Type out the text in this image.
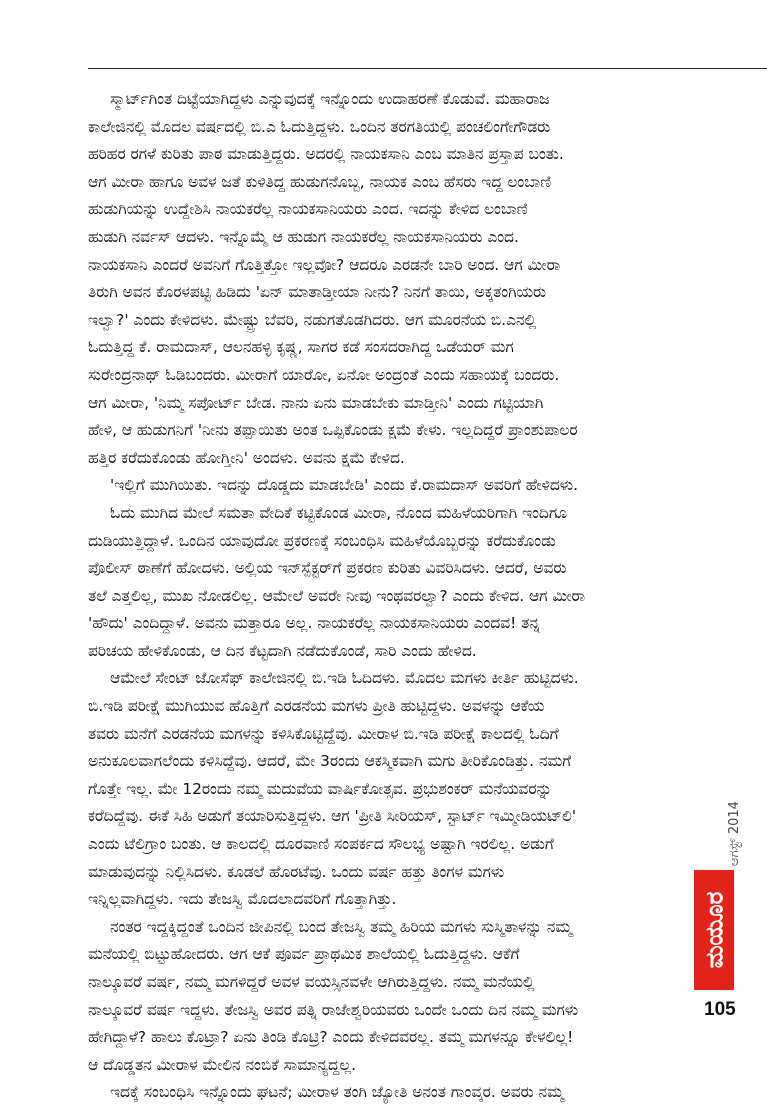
ಸ್ಮಾರ್ಟ್‌ಗಿಂತ ದಿಟ್ಟೆಯಾಗಿದ್ದಳು ಎನ್ನುವುದಕ್ಕೆ ಇನ್ನೊಂದು ಉದಾಹರಣೆ ಕೊಡುವೆ. ಮಹಾರಾಜ
ಕಾಲೇಜಿನಲ್ಲಿ ಮೊದಲ ವರ್ಷದಲ್ಲಿ ಬಿ.ಎ ಓದುತ್ತಿದ್ದಳು. ಒಂದಿನ ತರಗತಿಯಲ್ಲಿ ಪಂಚಲಿಂಗೇಗೌಡರು
ಹರಿಹರ ರಗಳೆ ಕುರಿತು ಪಾಠ ಮಾಡುತ್ತಿದ್ದರು. ಅದರಲ್ಲಿ ನಾಯಕಸಾನಿ ಎಂಬ ಮಾತಿನ ಪ್ರಸ್ತಾಪ ಬಂತು.
ಆಗ ಮೀರಾ ಹಾಗೂ ಅವಳ ಜತೆ ಕುಳಿತಿದ್ದ ಹುಡುಗನೊಬ್ಬ, ನಾಯಕ ಎಂಬ ಹೆಸರು ಇದ್ದ ಲಂಬಾಣಿ
ಹುಡುಗಿಯನ್ನು ಉದ್ದೇಶಿಸಿ ನಾಯಕರೆಲ್ಲ ನಾಯಕಸಾನಿಯರು ಎಂದ. ಇದನ್ನು ಕೇಳಿದ ಲಂಬಾಣಿ
ಹುಡುಗಿ ನರ್ವಸ್ ಆದಳು. ಇನ್ನೊಮ್ಮೆ ಆ ಹುಡುಗ ನಾಯಕರೆಲ್ಲ ನಾಯಕಸಾನಿಯರು ಎಂದ.
ನಾಯಕಸಾನಿ ಎಂದರೆ ಅವನಿಗೆ ಗೊತ್ತಿತ್ತೋ ಇಲ್ಲವೋ? ಆದರೂ ಎರಡನೇ ಬಾರಿ ಅಂದ. ಆಗ ಮೀರಾ
ತಿರುಗಿ ಅವನ ಕೊರಳಪಟ್ಟಿ ಹಿಡಿದು 'ಏನ್ ಮಾತಾಡ್ತೀಯಾ ನೀನು? ನಿನಗೆ ತಾಯಿ, ಅಕ್ಕತಂಗಿಯರು
ಇಲ್ವಾ?' ಎಂದು ಕೇಳಿದಳು. ಮೇಷ್ಟ್ರು ಬೆವರಿ, ನಡುಗತೊಡಗಿದರು. ಆಗ ಮೂರನೆಯ ಬಿ.ಎನಲ್ಲಿ
ಓದುತ್ತಿದ್ದ ಕೆ. ರಾಮದಾಸ್, ಆಲನಹಳ್ಳಿ ಕೃಷ್ಣ, ಸಾಗರ ಕಡೆ ಸಂಸದರಾಗಿದ್ದ ಒಡೆಯರ್ ಮಗ
ಸುರೇಂದ್ರನಾಥ್ ಓಡಿಬಂದರು. ಮೀರಾಗೆ ಯಾರೋ, ಏನೋ ಅಂದ್ರಂತೆ ಎಂದು ಸಹಾಯಕ್ಕೆ ಬಂದರು.
ಆಗ ಮೀರಾ, 'ನಿಮ್ಮ ಸಪೋರ್ಟ್ ಬೇಡ. ನಾನು ಏನು ಮಾಡಬೇಕು ಮಾಡ್ತೀನಿ' ಎಂದು ಗಟ್ಟಿಯಾಗಿ
ಹೇಳಿ, ಆ ಹುಡುಗನಿಗೆ 'ನೀನು ತಪ್ಪಾಯಿತು ಅಂತ ಒಪ್ಪಿಕೊಂಡು ಕ್ಷಮೆ ಕೇಳು. ಇಲ್ಲದಿದ್ದರೆ ಪ್ರಾಂಶುಪಾಲರ
ಹತ್ತಿರ ಕರೆದುಕೊಂಡು ಹೋಗ್ತೀನಿ' ಅಂದಳು. ಅವನು ಕ್ಷಮೆ ಕೇಳಿದ.

'ಇಲ್ಲಿಗೆ ಮುಗಿಯಿತು. ಇದನ್ನು ದೊಡ್ಡದು ಮಾಡಬೇಡಿ' ಎಂದು ಕೆ.ರಾಮದಾಸ್ ಅವರಿಗೆ ಹೇಳಿದಳು.

ಓದು ಮುಗಿದ ಮೇಲೆ ಸಮತಾ ವೇದಿಕೆ ಕಟ್ಟಿಕೊಂಡ ಮೀರಾ, ನೊಂದ ಮಹಿಳೆಯರಿಗಾಗಿ ಇಂದಿಗೂ
ದುಡಿಯುತ್ತಿದ್ದಾಳೆ. ಒಂದಿನ ಯಾವುದೋ ಪ್ರಕರಣಕ್ಕೆ ಸಂಬಂಧಿಸಿ ಮಹಿಳೆಯೊಬ್ಬರನ್ನು ಕರೆದುಕೊಂಡು
ಪೊಲೀಸ್ ಠಾಣೆಗೆ ಹೋದಳು. ಅಲ್ಲಿಯ ಇನ್‌ಸ್ಪೆಕ್ಟರ್‌ಗೆ ಪ್ರಕರಣ ಕುರಿತು ವಿವರಿಸಿದಳು. ಆದರೆ, ಅವರು
ತಲೆ ಎತ್ತಲಿಲ್ಲ, ಮುಖ ನೋಡಲಿಲ್ಲ. ಆಮೇಲೆ ಅವರೇ ನೀವು ಇಂಥವರಲ್ವಾ? ಎಂದು ಕೇಳಿದ. ಆಗ ಮೀರಾ
'ಹೌದು' ಎಂದಿದ್ದಾಳೆ. ಅವನು ಮತ್ತಾರೂ ಅಲ್ಲ. ನಾಯಕರೆಲ್ಲ ನಾಯಕಸಾನಿಯರು ಎಂದವ! ತನ್ನ
ಪರಿಚಯ ಹೇಳಿಕೊಂಡು, ಆ ದಿನ ಕೆಟ್ಟದಾಗಿ ನಡೆದುಕೊಂಡೆ, ಸಾರಿ ಎಂದು ಹೇಳಿದ.

ಆಮೇಲೆ ಸೇಂಟ್ ಜೋಸೆಫ್ ಕಾಲೇಜಿನಲ್ಲಿ ಬಿ.ಇಡಿ ಓದಿದಳು. ಮೊದಲ ಮಗಳು ಕೀರ್ತಿ ಹುಟ್ಟಿದಳು.
ಬಿ.ಇಡಿ ಪರೀಕ್ಷೆ ಮುಗಿಯುವ ಹೊತ್ತಿಗೆ ಎರಡನೆಯ ಮಗಳು ಪ್ರೀತಿ ಹುಟ್ಟಿದ್ದಳು. ಅವಳನ್ನು ಆಕೆಯ
ತವರು ಮನೆಗೆ ಎರಡನೆಯ ಮಗಳನ್ನು ಕಳಿಸಿಕೊಟ್ಟಿದ್ದೆವು. ಮೀರಾಳ ಬಿ.ಇಡಿ ಪರೀಕ್ಷೆ ಕಾಲದಲ್ಲಿ ಓದಿಗೆ
ಅನುಕೂಲವಾಗಲೆಂದು ಕಳಿಸಿದ್ದೆವು. ಆದರೆ, ಮೇ 3ರಂದು ಆಕಸ್ಮಿಕವಾಗಿ ಮಗು ತೀರಿಕೊಂಡಿತ್ತು. ನಮಗೆ
ಗೊತ್ತೇ ಇಲ್ಲ. ಮೇ 12ರಂದು ನಮ್ಮ ಮದುವೆಯ ವಾರ್ಷಿಕೋತ್ಸವ. ಪ್ರಭುಶಂಕರ್ ಮನೆಯವರನ್ನು
ಕರೆದಿದ್ದೆವು. ಈಕೆ ಸಿಹಿ ಅಡುಗೆ ತಯಾರಿಸುತ್ತಿದ್ದಳು. ಆಗ 'ಪ್ರೀತಿ ಸೀರಿಯಸ್, ಸ್ಟಾರ್ಟ್ ಇಮ್ಮೀಡಿಯಟ್‌ಲಿ'
ಎಂದು ಟೆಲಿಗ್ರಾಂ ಬಂತು. ಆ ಕಾಲದಲ್ಲಿ ದೂರವಾಣಿ ಸಂಪರ್ಕದ ಸೌಲಭ್ಯ ಅಷ್ಟಾಗಿ ಇರಲಿಲ್ಲ. ಅಡುಗೆ
ಮಾಡುವುದನ್ನು ನಿಲ್ಲಿಸಿದಳು. ಕೂಡಲೆ ಹೊರಟೆವು. ಒಂದು ವರ್ಷ ಹತ್ತು ತಿಂಗಳ ಮಗಳು
ಇನ್ನಿಲ್ಲವಾಗಿದ್ದಳು. ಇದು ತೇಜಸ್ವಿ ಮೊದಲಾದವರಿಗೆ ಗೊತ್ತಾಗಿತ್ತು.

ನಂತರ ಇದ್ದಕ್ಕಿದ್ದಂತೆ ಒಂದಿನ ಜೀಪಿನಲ್ಲಿ ಬಂದ ತೇಜಸ್ವಿ ತಮ್ಮ ಹಿರಿಯ ಮಗಳು ಸುಸ್ಮಿತಾಳನ್ನು ನಮ್ಮ
ಮನೆಯಲ್ಲಿ ಬಿಟ್ಟುಹೋದರು. ಆಗ ಆಕೆ ಪೂರ್ವ ಪ್ರಾಥಮಿಕ ಶಾಲೆಯಲ್ಲಿ ಓದುತ್ತಿದ್ದಳು. ಆಕೆಗೆ
ನಾಲ್ಕೂವರೆ ವರ್ಷ, ನಮ್ಮ ಮಗಳಿದ್ದರೆ ಅವಳ ವಯಸ್ಸಿನವಳೇ ಆಗಿರುತ್ತಿದ್ದಳು. ನಮ್ಮ ಮನೆಯಲ್ಲಿ
ನಾಲ್ಕೂವರೆ ವರ್ಷ ಇದ್ದಳು. ತೇಜಸ್ವಿ ಅವರ ಪತ್ನಿ ರಾಜೇಶ್ವರಿಯವರು ಒಂದೇ ಒಂದು ದಿನ ನಮ್ಮ ಮಗಳು
ಹೇಗಿದ್ದಾಳೆ? ಹಾಲು ಕೊಟ್ರಾ? ಏನು ತಿಂಡಿ ಕೊಟ್ರಿ? ಎಂದು ಕೇಳಿದವರಲ್ಲ. ತಮ್ಮ ಮಗಳನ್ನೂ ಕೇಳಲಿಲ್ಲ!
ಆ ದೊಡ್ಡತನ ಮೀರಾಳ ಮೇಲಿನ ನಂಬಿಕೆ ಸಾಮಾನ್ಯದ್ದಲ್ಲ.

ಇದಕ್ಕೆ ಸಂಬಂಧಿಸಿ ಇನ್ನೊಂದು ಘಟನೆ; ಮೀರಾಳ ತಂಗಿ ಜ್ಯೋತಿ ಅನಂತ ಗಾಂವ್ಕರ. ಅವರು ನಮ್ಮ

ಆಗಸ್ಟ್ 2014
ಮಯೂರ
105
